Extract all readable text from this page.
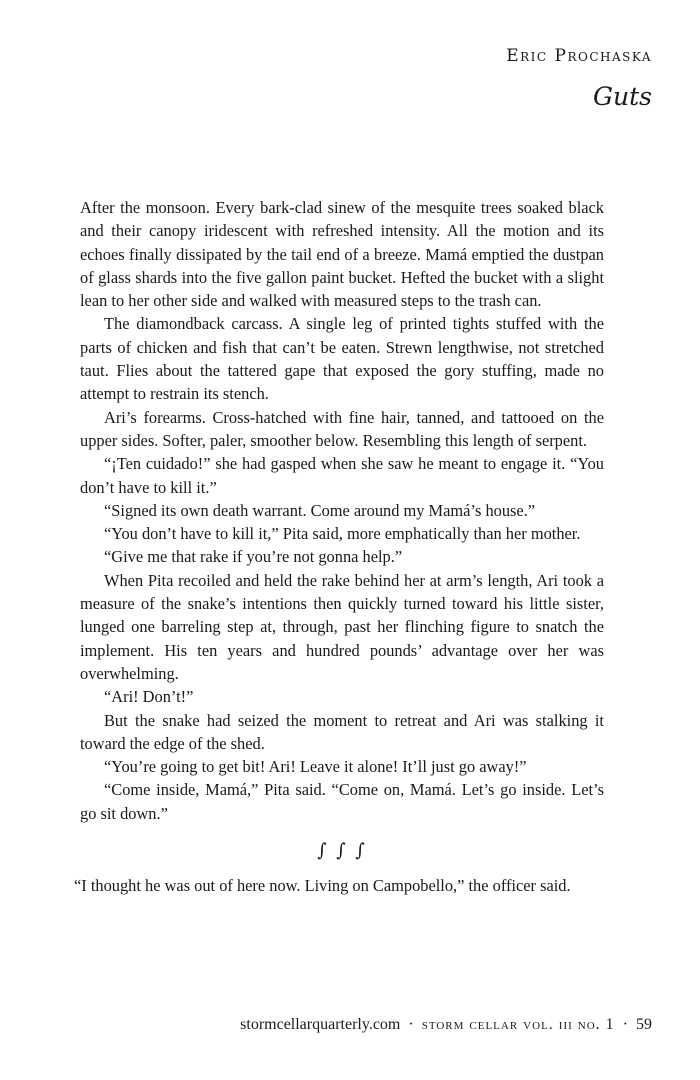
Eric Prochaska
Guts

After the monsoon. Every bark-clad sinew of the mesquite trees soaked black and their canopy iridescent with refreshed intensity. All the motion and its echoes finally dissipated by the tail end of a breeze. Mamá emptied the dustpan of glass shards into the five gallon paint bucket. Hefted the bucket with a slight lean to her other side and walked with measured steps to the trash can.

The diamondback carcass. A single leg of printed tights stuffed with the parts of chicken and fish that can’t be eaten. Strewn lengthwise, not stretched taut. Flies about the tattered gape that exposed the gory stuffing, made no attempt to restrain its stench.

Ari’s forearms. Cross-hatched with fine hair, tanned, and tattooed on the upper sides. Softer, paler, smoother below. Resembling this length of serpent.

“¡Ten cuidado!” she had gasped when she saw he meant to engage it. “You don’t have to kill it.”

“Signed its own death warrant. Come around my Mamá’s house.”

“You don’t have to kill it,” Pita said, more emphatically than her mother.

“Give me that rake if you’re not gonna help.”

When Pita recoiled and held the rake behind her at arm’s length, Ari took a measure of the snake’s intentions then quickly turned toward his little sister, lunged one barreling step at, through, past her flinching figure to snatch the implement. His ten years and hundred pounds’ advantage over her was overwhelming.

“Ari! Don’t!”

But the snake had seized the moment to retreat and Ari was stalking it toward the edge of the shed.

“You’re going to get bit! Ari! Leave it alone! It’ll just go away!”

“Come inside, Mamá,” Pita said. “Come on, Mamá. Let’s go inside. Let’s go sit down.”

∫ ∫ ∫

“I thought he was out of here now. Living on Campobello,” the officer said.

stormcellarquarterly.com · storm cellar vol. iii no. 1 · 59
